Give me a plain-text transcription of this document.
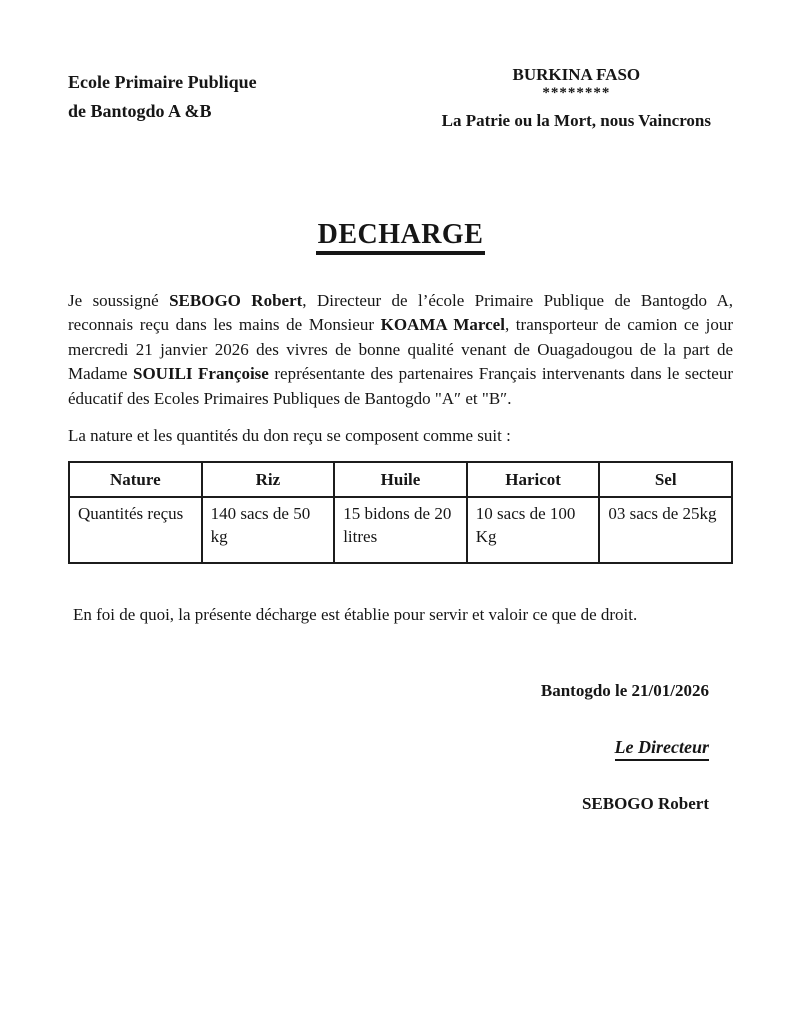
Ecole Primaire Publique
de Bantogdo A &B
BURKINA FASO
********
La Patrie ou la Mort, nous Vaincrons
DECHARGE

Je soussigné SEBOGO Robert, Directeur de l’école Primaire Publique de Bantogdo A, reconnais reçu dans les mains de Monsieur KOAMA Marcel, transporteur de camion ce jour mercredi 21 janvier 2026 des vivres de bonne qualité venant de Ouagadougou de la part de Madame SOUILI Françoise représentante des partenaires Français intervenants dans le secteur éducatif des Ecoles Primaires Publiques de Bantogdo "A″ et "B″.

La nature et les quantités du don reçu se composent comme suit :

Nature	Riz	Huile	Haricot	Sel
Quantités reçus	140 sacs de 50 kg	15 bidons de 20 litres	10 sacs de 100 Kg	03 sacs de 25kg

En foi de quoi, la présente décharge est établie pour servir et valoir ce que de droit.

Bantogdo le 21/01/2026
Le Directeur
SEBOGO Robert
